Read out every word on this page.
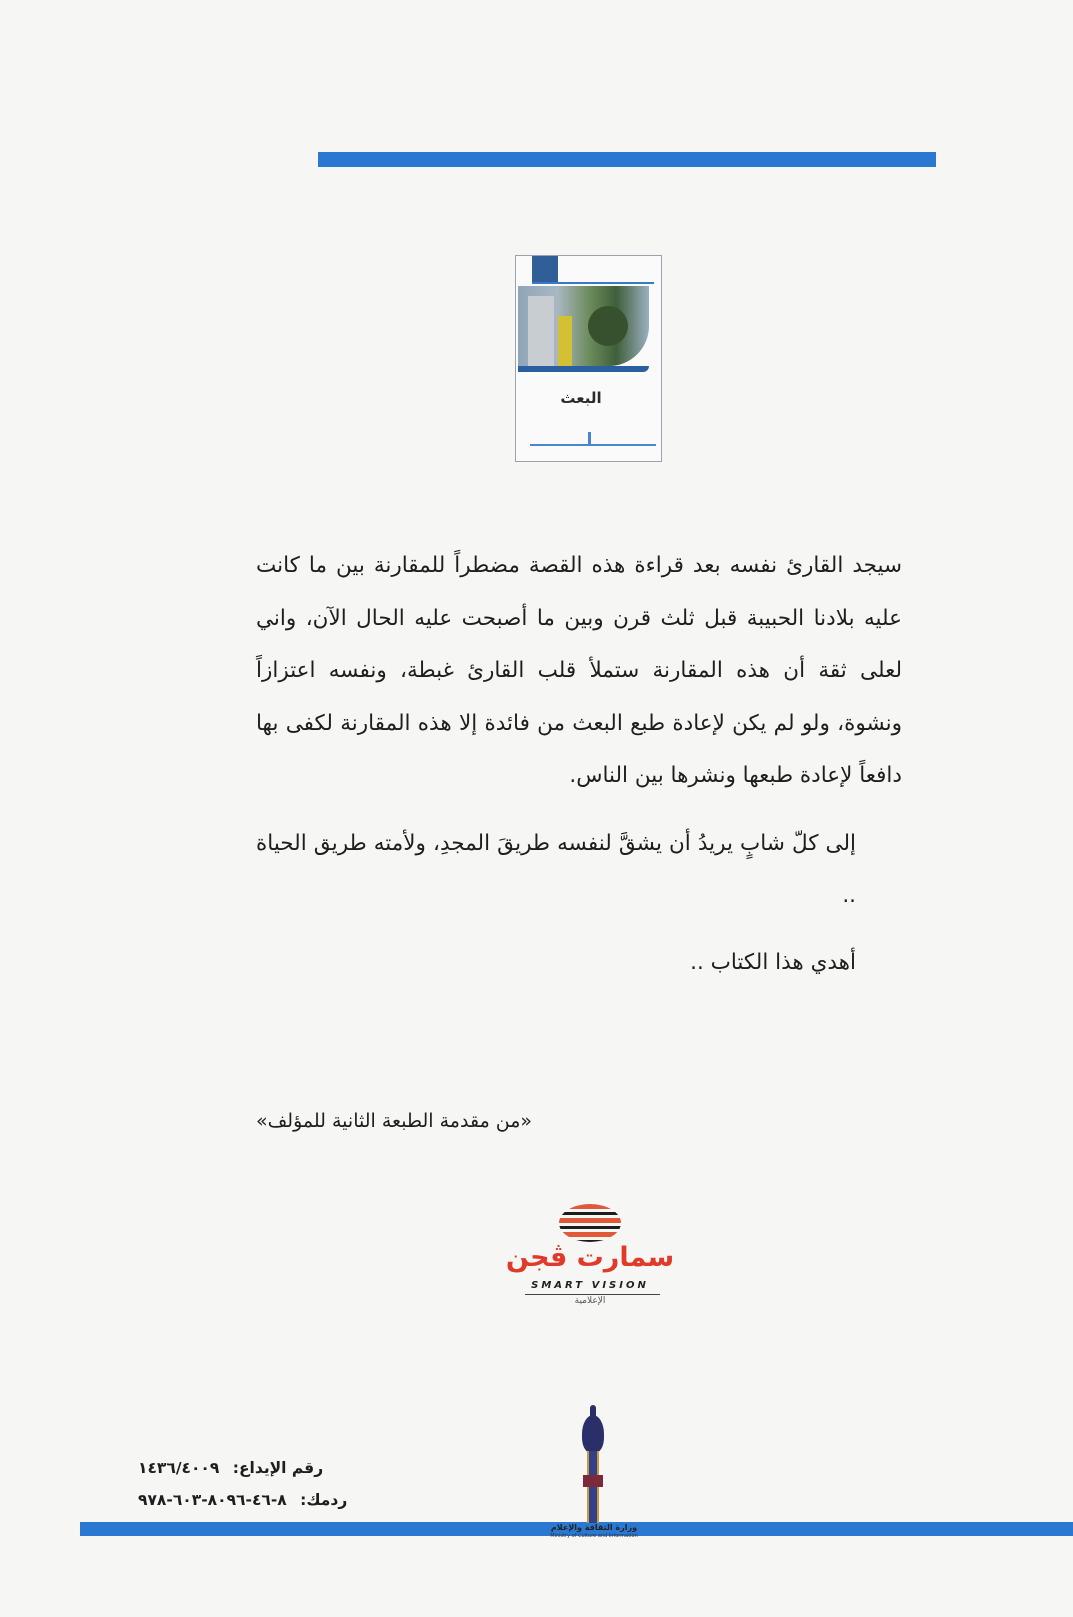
البعث

سيجد القارئ نفسه بعد قراءة هذه القصة مضطراً للمقارنة بين ما كانت عليه بلادنا الحبيبة قبل ثلث قرن وبين ما أصبحت عليه الحال الآن، واني لعلى ثقة أن هذه المقارنة ستملأ قلب القارئ غبطة، ونفسه اعتزازاً ونشوة، ولو لم يكن لإعادة طبع البعث من فائدة إلا هذه المقارنة لكفى بها دافعاً لإعادة طبعها ونشرها بين الناس.

إلى كلّ شابٍ يريدُ أن يشقَّ لنفسه طريقَ المجدِ، ولأمته طريق الحياة ..

أهدي هذا الكتاب ..

«من مقدمة الطبعة الثانية للمؤلف»
سمارت ڤجن
SMART VISION
الإعلامية
رقم الإيداع: ١٤٣٦/٤٠٠٩
ردمك: ٨-٤٦-٨٠٩٦-٦٠٣-٩٧٨
وزارة الثقافة والإعلام
Ministry of Culture and Information
